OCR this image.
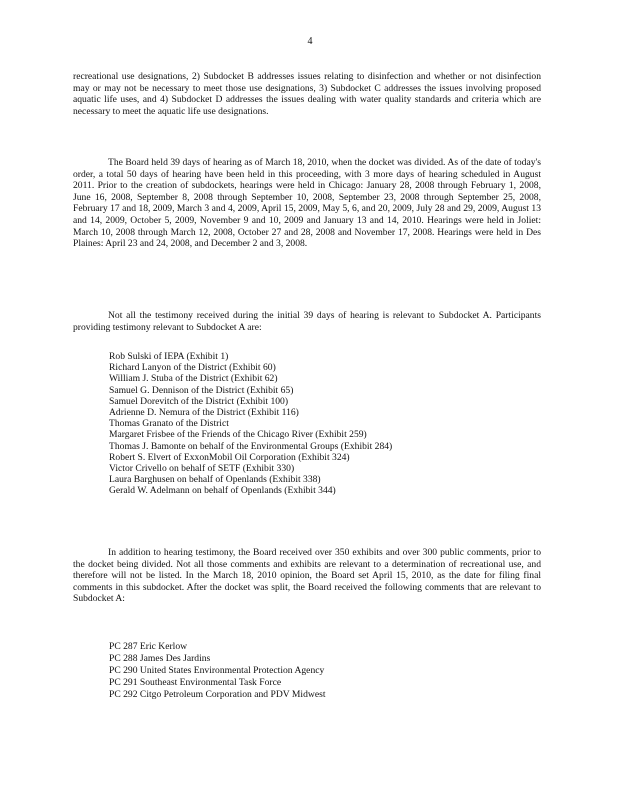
4

recreational use designations, 2) Subdocket B addresses issues relating to disinfection and whether or not disinfection may or may not be necessary to meet those use designations, 3) Subdocket C addresses the issues involving proposed aquatic life uses, and 4) Subdocket D addresses the issues dealing with water quality standards and criteria which are necessary to meet the aquatic life use designations.

The Board held 39 days of hearing as of March 18, 2010, when the docket was divided. As of the date of today's order, a total 50 days of hearing have been held in this proceeding, with 3 more days of hearing scheduled in August 2011. Prior to the creation of subdockets, hearings were held in Chicago: January 28, 2008 through February 1, 2008, June 16, 2008, September 8, 2008 through September 10, 2008, September 23, 2008 through September 25, 2008, February 17 and 18, 2009, March 3 and 4, 2009, April 15, 2009, May 5, 6, and 20, 2009, July 28 and 29, 2009, August 13 and 14, 2009, October 5, 2009, November 9 and 10, 2009 and January 13 and 14, 2010. Hearings were held in Joliet: March 10, 2008 through March 12, 2008, October 27 and 28, 2008 and November 17, 2008. Hearings were held in Des Plaines: April 23 and 24, 2008, and December 2 and 3, 2008.

Not all the testimony received during the initial 39 days of hearing is relevant to Subdocket A. Participants providing testimony relevant to Subdocket A are:

Rob Sulski of IEPA (Exhibit 1)
Richard Lanyon of the District (Exhibit 60)
William J. Stuba of the District (Exhibit 62)
Samuel G. Dennison of the District (Exhibit 65)
Samuel Dorevitch of the District (Exhibit 100)
Adrienne D. Nemura of the District (Exhibit 116)
Thomas Granato of the District
Margaret Frisbee of the Friends of the Chicago River (Exhibit 259)
Thomas J. Bamonte on behalf of the Environmental Groups (Exhibit 284)
Robert S. Elvert of ExxonMobil Oil Corporation (Exhibit 324)
Victor Crivello on behalf of SETF (Exhibit 330)
Laura Barghusen on behalf of Openlands (Exhibit 338)
Gerald W. Adelmann on behalf of Openlands (Exhibit 344)

In addition to hearing testimony, the Board received over 350 exhibits and over 300 public comments, prior to the docket being divided. Not all those comments and exhibits are relevant to a determination of recreational use, and therefore will not be listed. In the March 18, 2010 opinion, the Board set April 15, 2010, as the date for filing final comments in this subdocket. After the docket was split, the Board received the following comments that are relevant to Subdocket A:

PC 287 Eric Kerlow
PC 288 James Des Jardins
PC 290 United States Environmental Protection Agency
PC 291 Southeast Environmental Task Force
PC 292 Citgo Petroleum Corporation and PDV Midwest
